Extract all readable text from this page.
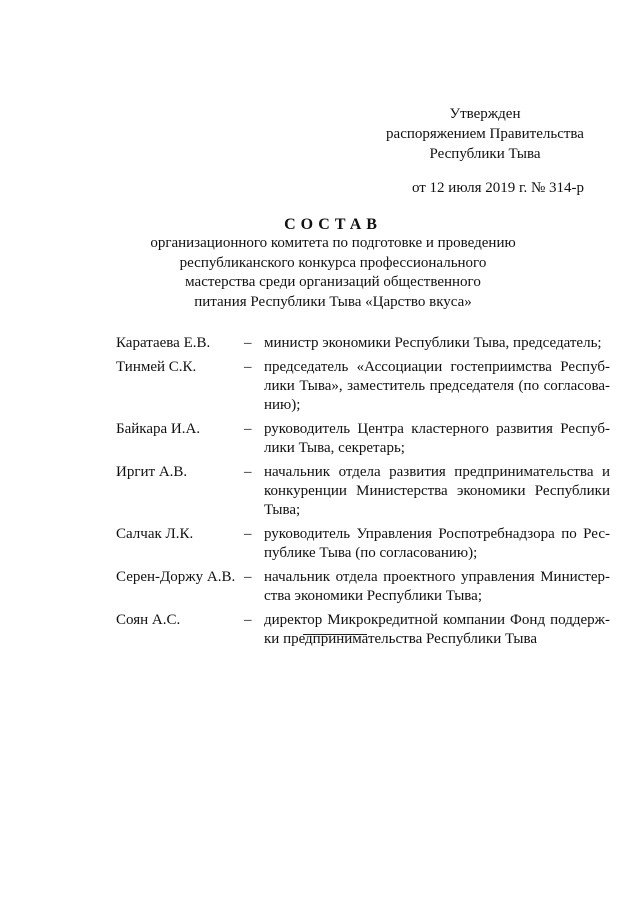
Утвержден
распоряжением Правительства
Республики Тыва
от 12 июля 2019 г. № 314-р
СОСТАВ
организационного комитета по подготовке и проведению
республиканского конкурса профессионального
мастерства среди организаций общественного
питания Республики Тыва «Царство вкуса»
Каратаева Е.В.	– министр экономики Республики Тыва, председатель;
Тинмей С.К.	– председатель «Ассоциации гостеприимства Респуб-
лики Тыва», заместитель председателя (по согласова-
нию);
Байкара И.А.	– руководитель Центра кластерного развития Респуб-
лики Тыва, секретарь;
Иргит А.В.	– начальник отдела развития предпринимательства и
конкуренции Министерства экономики Республики
Тыва;
Салчак Л.К.	– руководитель Управления Роспотребнадзора по Рес-
публике Тыва (по согласованию);
Серен-Доржу А.В. – начальник отдела проектного управления Министер-
ства экономики Республики Тыва;
Соян А.С.	– директор Микрокредитной компании Фонд поддерж-
ки предпринимательства Республики Тыва
